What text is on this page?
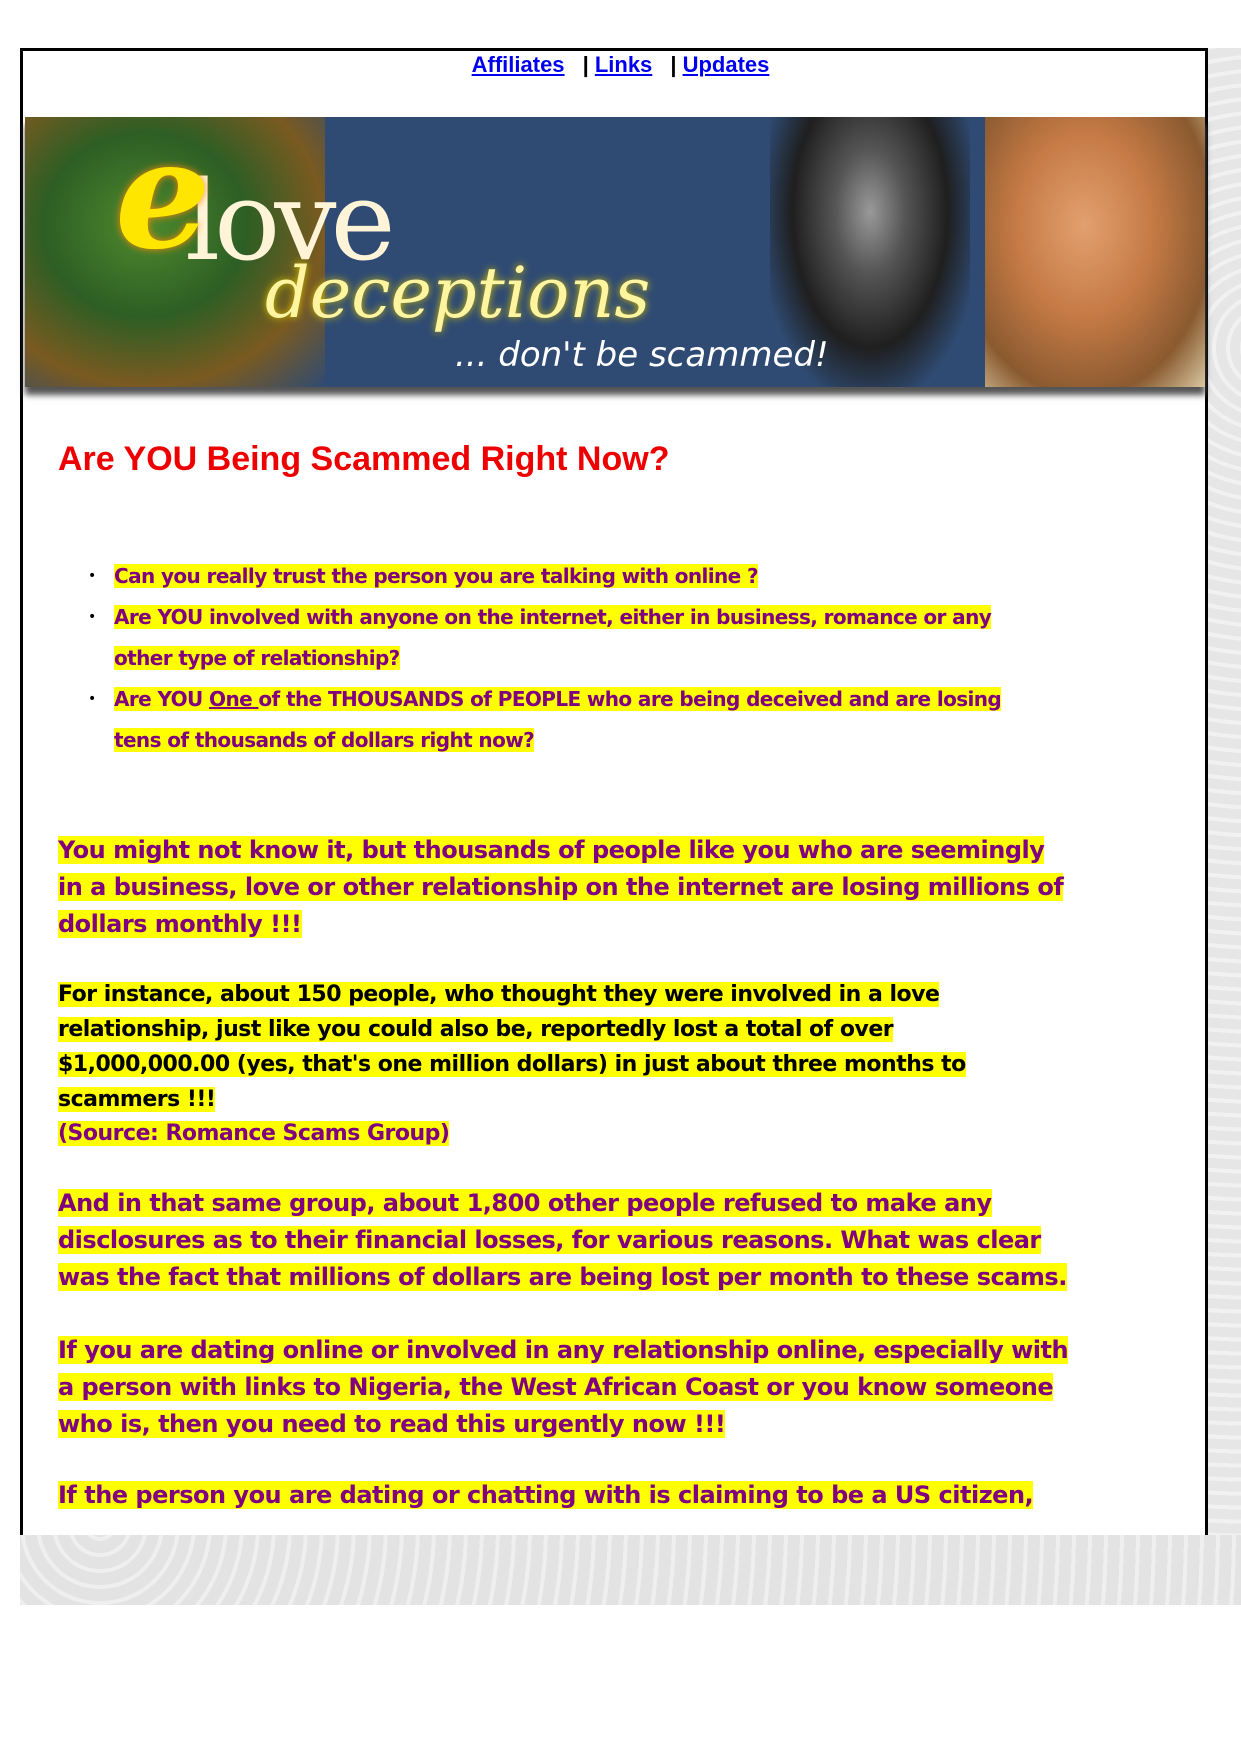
Affiliates | Links | Updates
love
e
deceptions
... don't be scammed!
Are YOU Being Scammed Right Now?
• Can you really trust the person you are talking with online ?
• Are YOU involved with anyone on the internet, either in business, romance or any
other type of relationship?
• Are YOU One of the THOUSANDS of PEOPLE who are being deceived and are losing
tens of thousands of dollars right now?
You might not know it, but thousands of people like you who are seemingly
in a business, love or other relationship on the internet are losing millions of
dollars monthly !!!
For instance, about 150 people, who thought they were involved in a love
relationship, just like you could also be, reportedly lost a total of over
$1,000,000.00 (yes, that's one million dollars) in just about three months to
scammers !!!
(Source: Romance Scams Group)
And in that same group, about 1,800 other people refused to make any
disclosures as to their financial losses, for various reasons. What was clear
was the fact that millions of dollars are being lost per month to these scams.
If you are dating online or involved in any relationship online, especially with
a person with links to Nigeria, the West African Coast or you know someone
who is, then you need to read this urgently now !!!
If the person you are dating or chatting with is claiming to be a US citizen,
